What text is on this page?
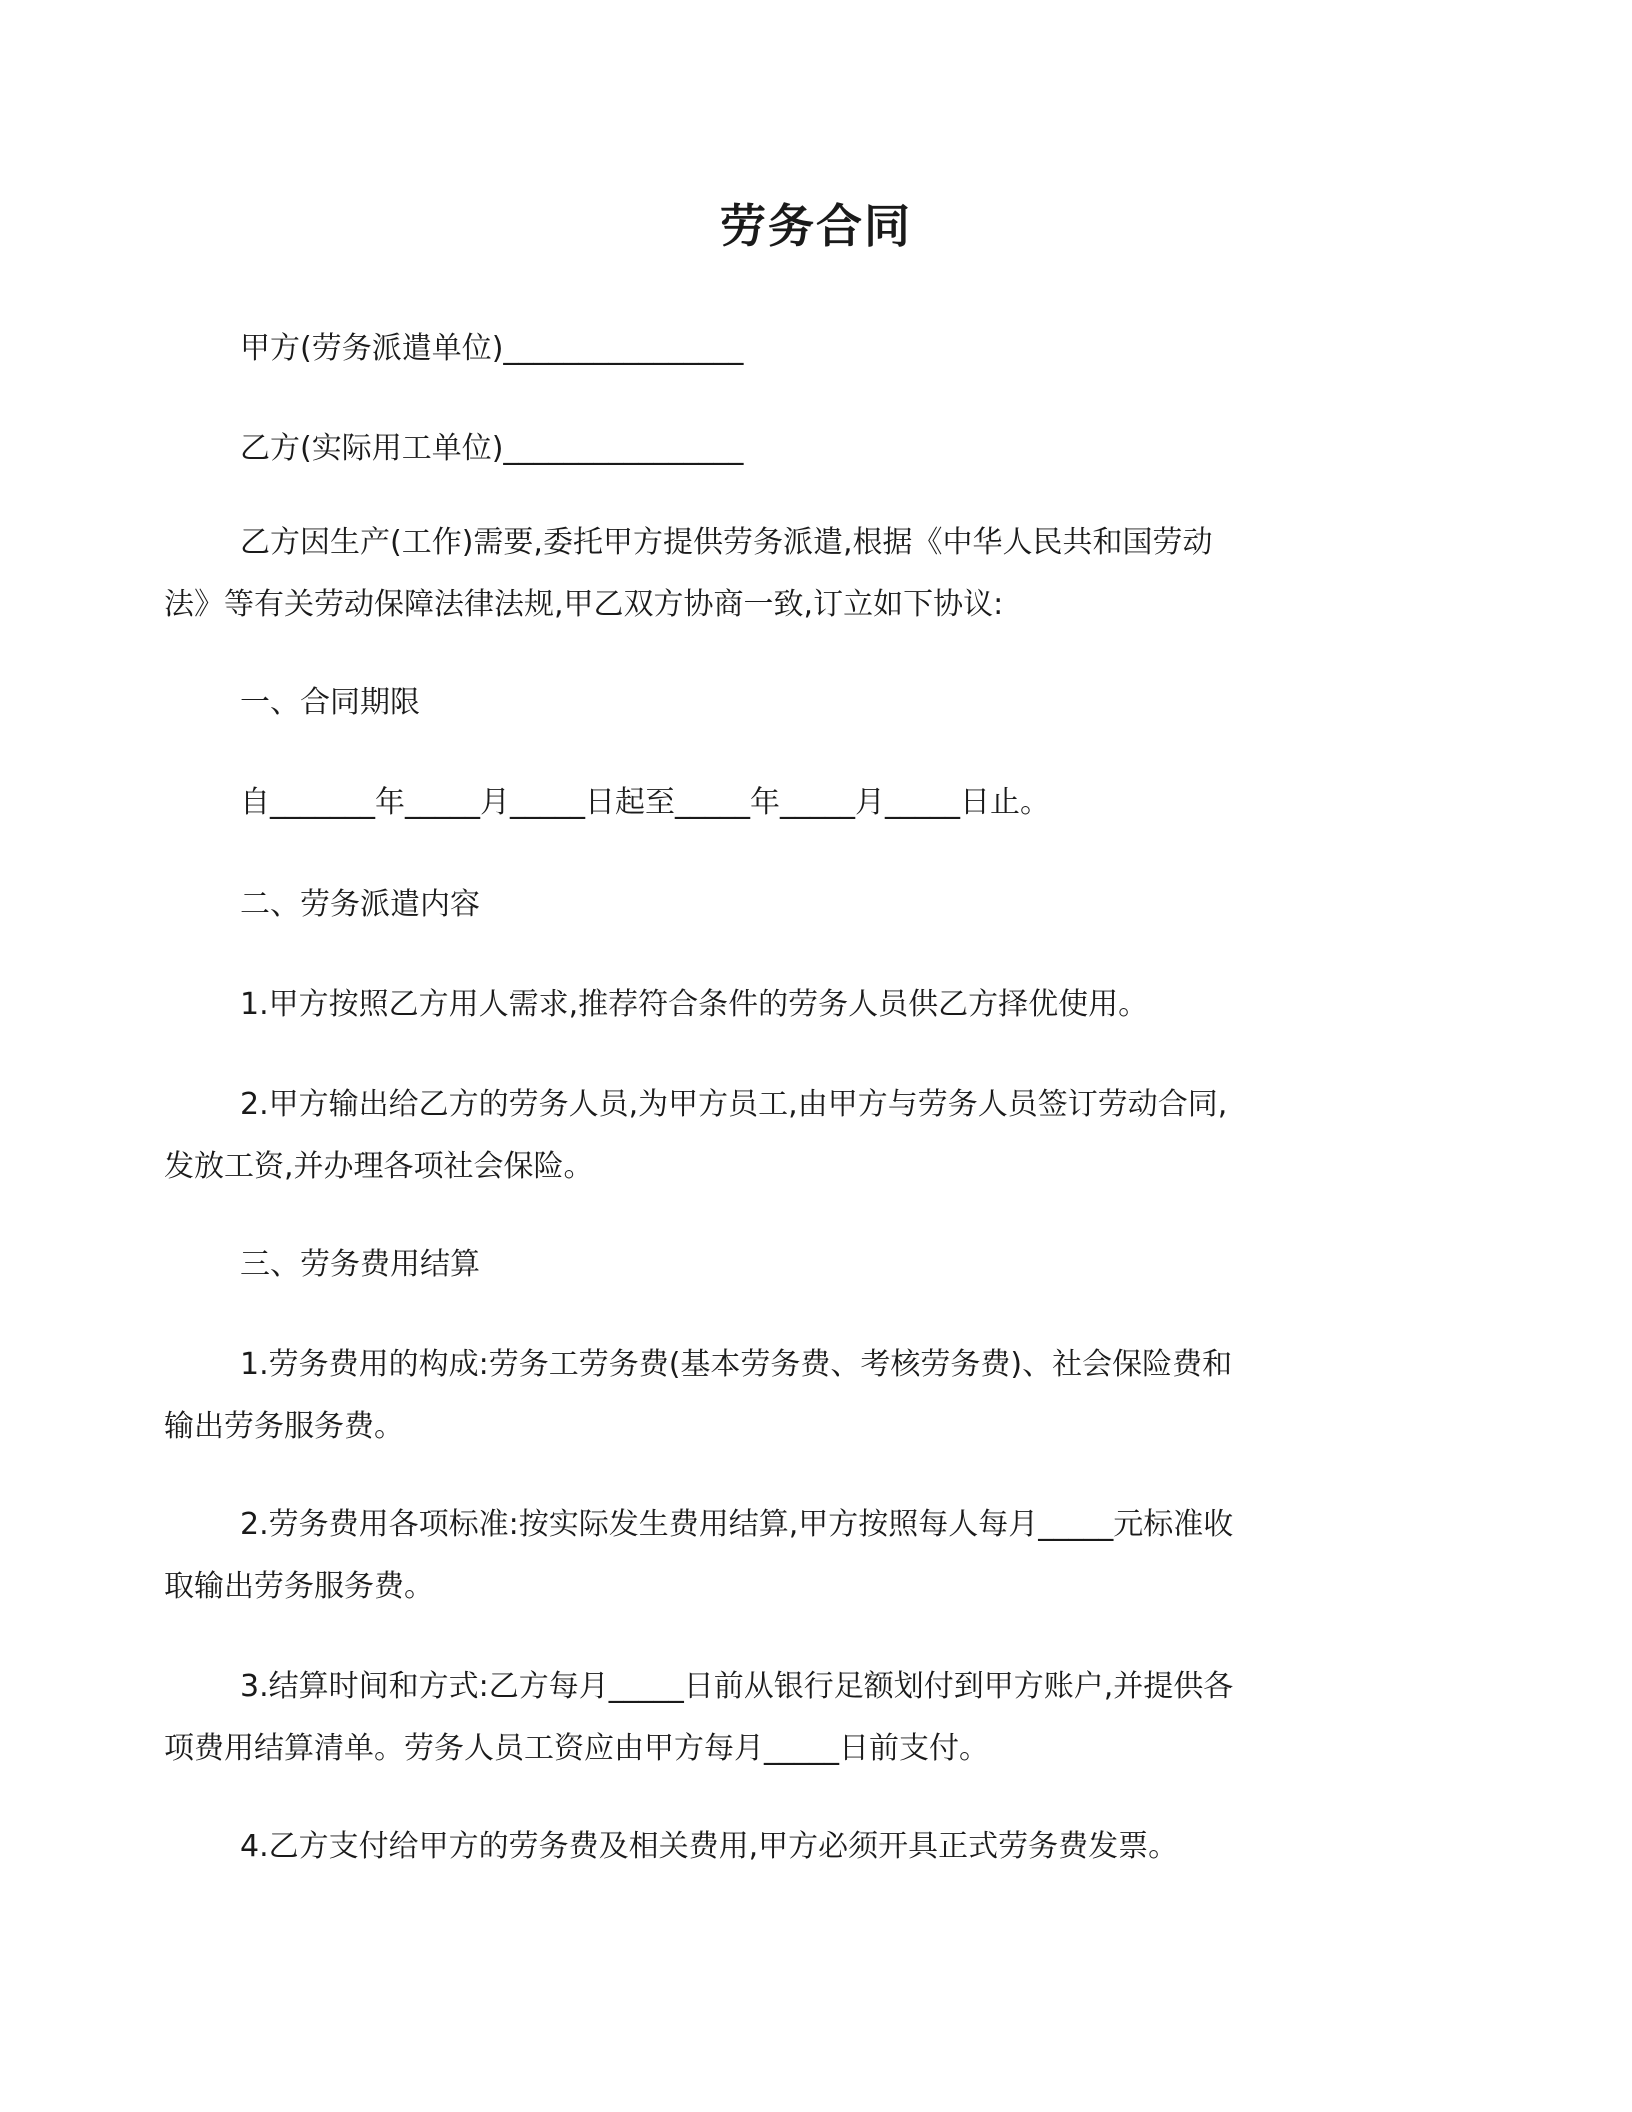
劳务合同
甲方(劳务派遣单位)________________
乙方(实际用工单位)________________
乙方因生产(工作)需要,委托甲方提供劳务派遣,根据《中华人民共和国劳动
法》等有关劳动保障法律法规,甲乙双方协商一致,订立如下协议:
一、合同期限
自_______年_____月_____日起至_____年_____月_____日止。
二、劳务派遣内容
1.甲方按照乙方用人需求,推荐符合条件的劳务人员供乙方择优使用。
2.甲方输出给乙方的劳务人员,为甲方员工,由甲方与劳务人员签订劳动合同,
发放工资,并办理各项社会保险。
三、劳务费用结算
1.劳务费用的构成:劳务工劳务费(基本劳务费、考核劳务费)、社会保险费和
输出劳务服务费。
2.劳务费用各项标准:按实际发生费用结算,甲方按照每人每月_____元标准收
取输出劳务服务费。
3.结算时间和方式:乙方每月_____日前从银行足额划付到甲方账户,并提供各
项费用结算清单。劳务人员工资应由甲方每月_____日前支付。
4.乙方支付给甲方的劳务费及相关费用,甲方必须开具正式劳务费发票。
